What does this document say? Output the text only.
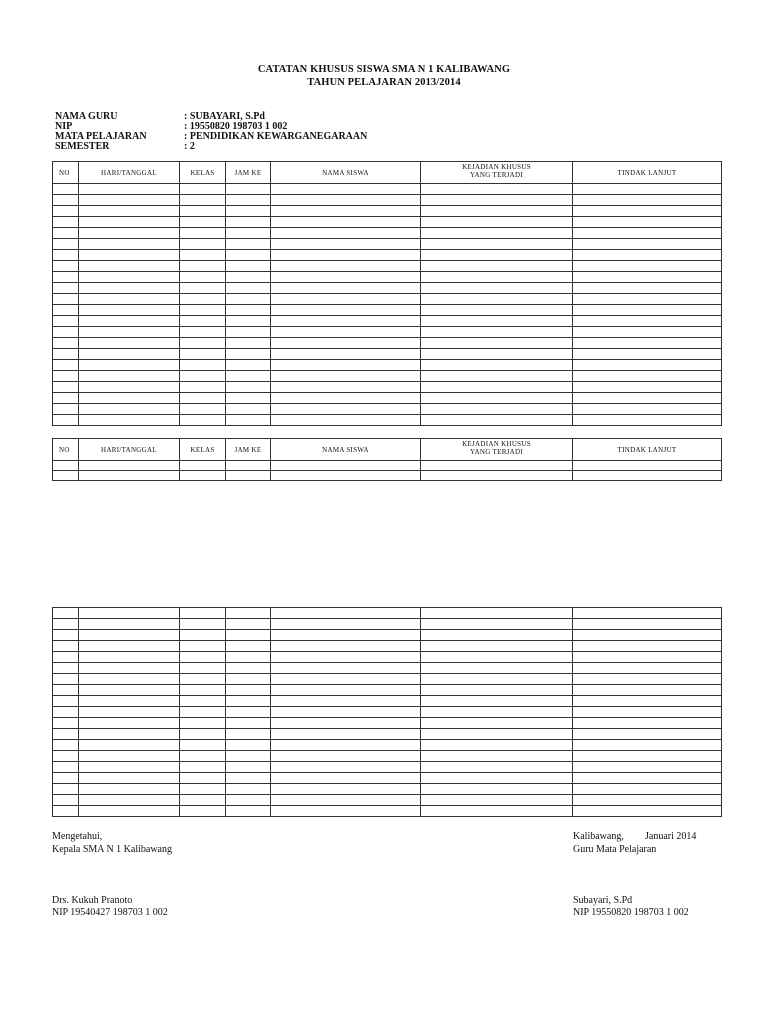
CATATAN KHUSUS SISWA SMA N 1 KALIBAWANG
TAHUN PELAJARAN 2013/2014
NAMA GURU	: SUBAYARI, S.Pd
NIP	: 19550820 198703 1 002
MATA PELAJARAN	: PENDIDIKAN KEWARGANEGARAAN
SEMESTER	: 2
NO	HARI/TANGGAL	KELAS	JAM KE	NAMA SISWA	KEJADIAN KHUSUS
YANG TERJADI	TINDAK LANJUT

NO	HARI/TANGGAL	KELAS	JAM KE	NAMA SISWA	KEJADIAN KHUSUS
YANG TERJADI	TINDAK LANJUT

Mengetahui,
Kepala SMA N 1 Kalibawang
Drs. Kukuh Pranoto
NIP 19540427 198703 1 002
Kalibawang, Januari 2014
Guru Mata Pelajaran
Subayari, S.Pd
NIP 19550820 198703 1 002
